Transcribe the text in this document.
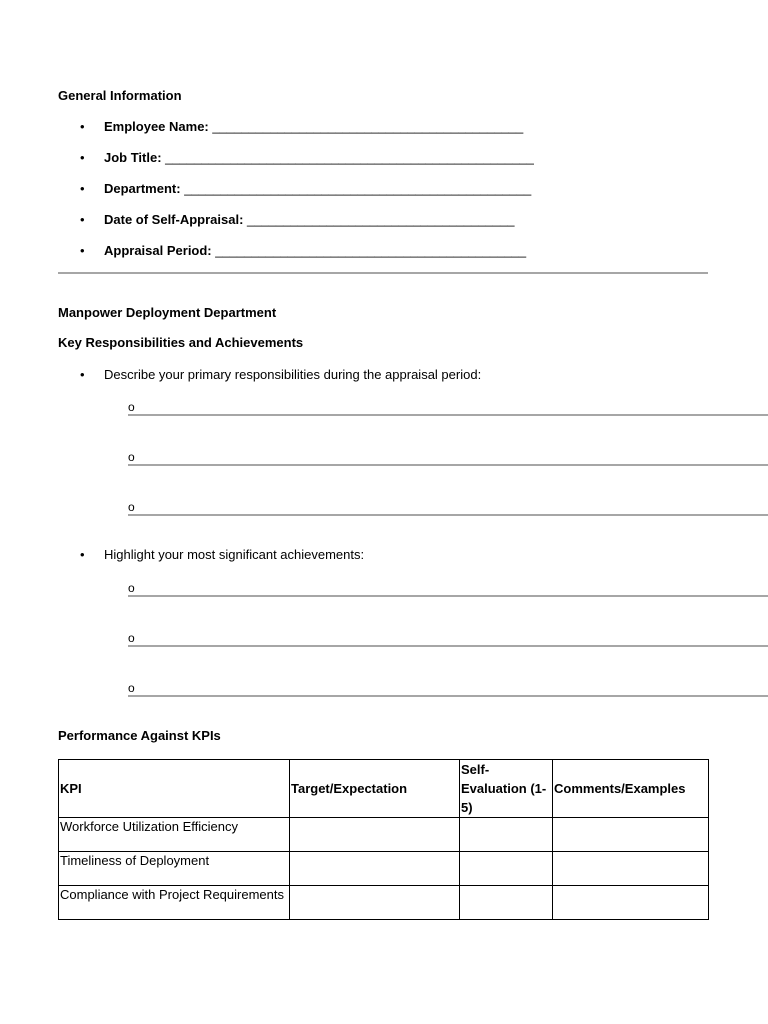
General Information
• Employee Name: ___________________________________________
• Job Title: ___________________________________________________
• Department: ________________________________________________
• Date of Self-Appraisal: _____________________________________
• Appraisal Period: ___________________________________________
Manpower Deployment Department
Key Responsibilities and Achievements
• Describe your primary responsibilities during the appraisal period:
o
o
o
• Highlight your most significant achievements:
o
o
o
Performance Against KPIs
KPI	Target/Expectation	Self-Evaluation (1-5)	Comments/Examples
Workforce Utilization Efficiency			
Timeliness of Deployment			
Compliance with Project Requirements			
